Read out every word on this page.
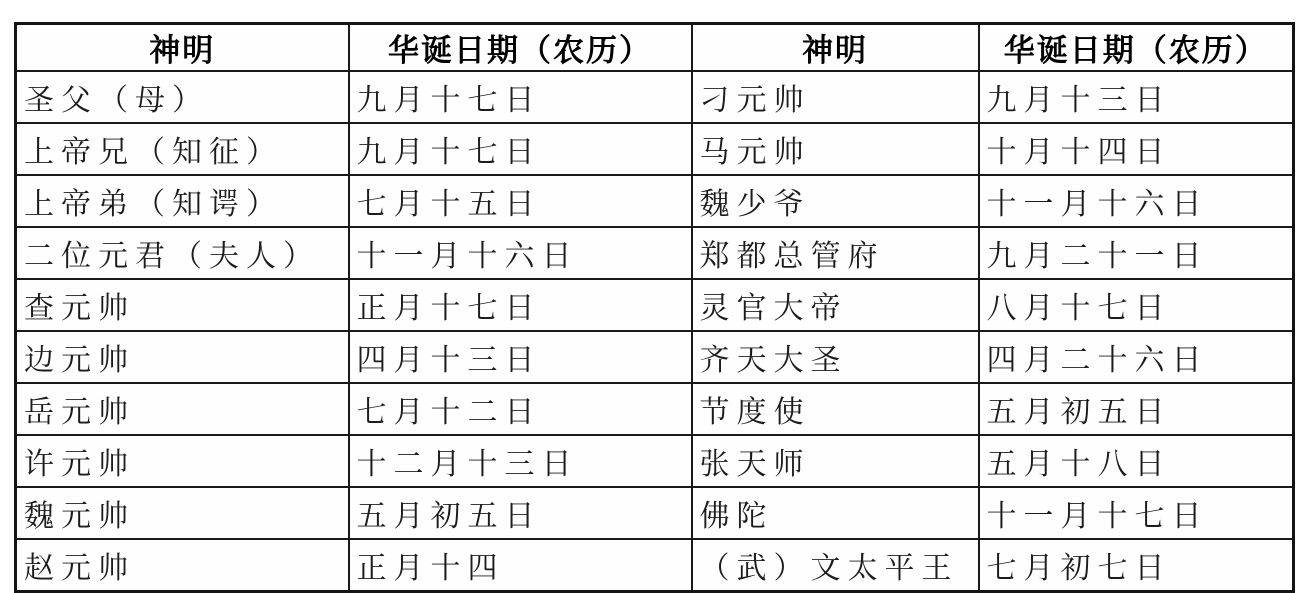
神明	华诞日期（农历）	神明	华诞日期（农历）
圣父（母）	九月十七日	刁元帅	九月十三日
上帝兄（知征）	九月十七日	马元帅	十月十四日
上帝弟（知谔）	七月十五日	魏少爷	十一月十六日
二位元君（夫人）	十一月十六日	郑都总管府	九月二十一日
查元帅	正月十七日	灵官大帝	八月十七日
边元帅	四月十三日	齐天大圣	四月二十六日
岳元帅	七月十二日	节度使	五月初五日
许元帅	十二月十三日	张天师	五月十八日
魏元帅	五月初五日	佛陀	十一月十七日
赵元帅	正月十四	（武）文太平王	七月初七日
